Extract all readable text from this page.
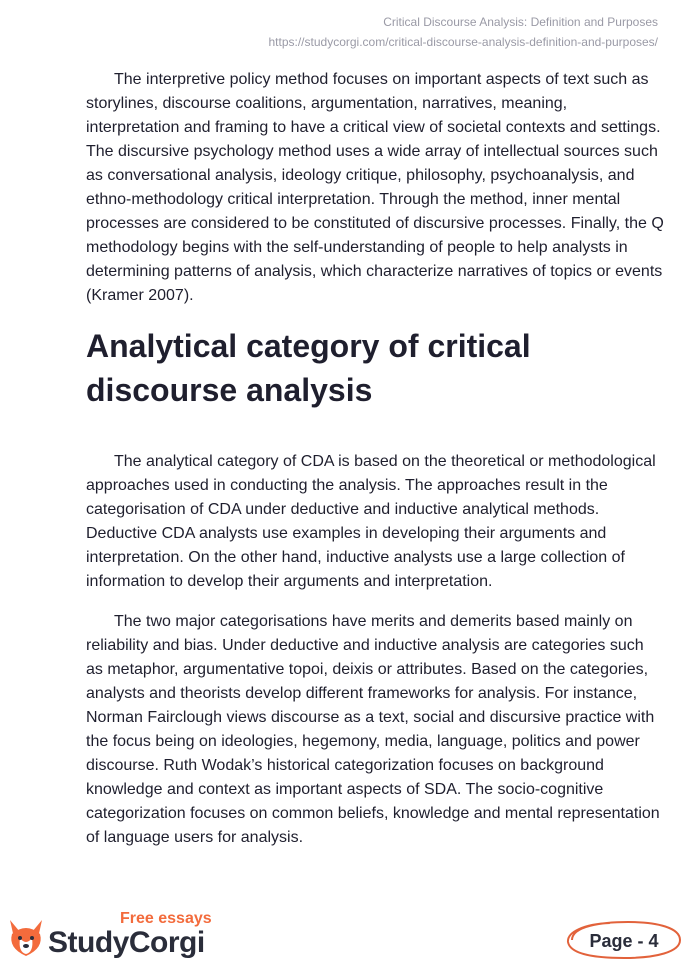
Critical Discourse Analysis: Definition and Purposes
https://studycorgi.com/critical-discourse-analysis-definition-and-purposes/

The interpretive policy method focuses on important aspects of text such as storylines, discourse coalitions, argumentation, narratives, meaning, interpretation and framing to have a critical view of societal contexts and settings. The discursive psychology method uses a wide array of intellectual sources such as conversational analysis, ideology critique, philosophy, psychoanalysis, and ethno-methodology critical interpretation. Through the method, inner mental processes are considered to be constituted of discursive processes. Finally, the Q methodology begins with the self-understanding of people to help analysts in determining patterns of analysis, which characterize narratives of topics or events (Kramer 2007).

Analytical category of critical discourse analysis

The analytical category of CDA is based on the theoretical or methodological approaches used in conducting the analysis. The approaches result in the categorisation of CDA under deductive and inductive analytical methods. Deductive CDA analysts use examples in developing their arguments and interpretation. On the other hand, inductive analysts use a large collection of information to develop their arguments and interpretation.

The two major categorisations have merits and demerits based mainly on reliability and bias. Under deductive and inductive analysis are categories such as metaphor, argumentative topoi, deixis or attributes. Based on the categories, analysts and theorists develop different frameworks for analysis. For instance, Norman Fairclough views discourse as a text, social and discursive practice with the focus being on ideologies, hegemony, media, language, politics and power discourse. Ruth Wodak’s historical categorization focuses on background knowledge and context as important aspects of SDA. The socio-cognitive categorization focuses on common beliefs, knowledge and mental representation of language users for analysis.

Free essays
StudyCorgi	Page - 4
